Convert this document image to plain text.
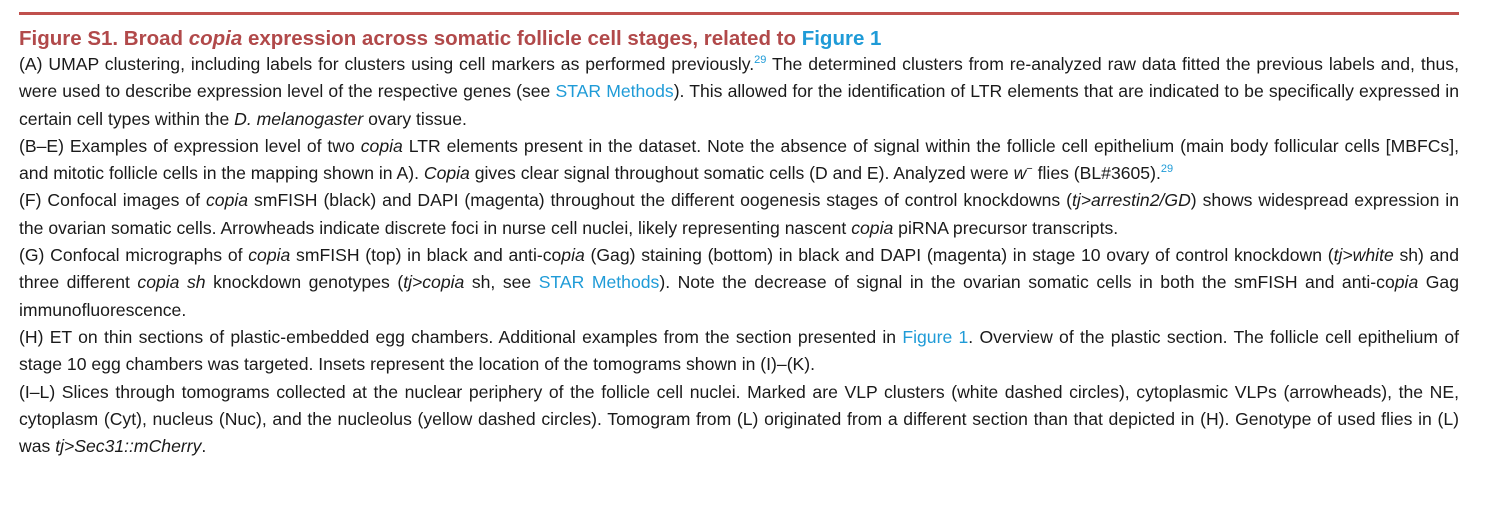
Figure S1. Broad copia expression across somatic follicle cell stages, related to Figure 1

(A) UMAP clustering, including labels for clusters using cell markers as performed previously.$^{29}$ The determined clusters from re-analyzed raw data fitted the previous labels and, thus, were used to describe expression level of the respective genes (see STAR Methods). This allowed for the identification of LTR elements that are indicated to be specifically expressed in certain cell types within the D. melanogaster ovary tissue.

(B–E) Examples of expression level of two copia LTR elements present in the dataset. Note the absence of signal within the follicle cell epithelium (main body follicular cells [MBFCs], and mitotic follicle cells in the mapping shown in A). Copia gives clear signal throughout somatic cells (D and E). Analyzed were w− flies (BL#3605).$^{29}$

(F) Confocal images of copia smFISH (black) and DAPI (magenta) throughout the different oogenesis stages of control knockdowns (tj>arrestin2/GD) shows widespread expression in the ovarian somatic cells. Arrowheads indicate discrete foci in nurse cell nuclei, likely representing nascent copia piRNA precursor transcripts.

(G) Confocal micrographs of copia smFISH (top) in black and anti-copia (Gag) staining (bottom) in black and DAPI (magenta) in stage 10 ovary of control knockdown (tj>white sh) and three different copia sh knockdown genotypes (tj>copia sh, see STAR Methods). Note the decrease of signal in the ovarian somatic cells in both the smFISH and anti-copia Gag immunofluorescence.

(H) ET on thin sections of plastic-embedded egg chambers. Additional examples from the section presented in Figure 1. Overview of the plastic section. The follicle cell epithelium of stage 10 egg chambers was targeted. Insets represent the location of the tomograms shown in (I)–(K).

(I–L) Slices through tomograms collected at the nuclear periphery of the follicle cell nuclei. Marked are VLP clusters (white dashed circles), cytoplasmic VLPs (arrowheads), the NE, cytoplasm (Cyt), nucleus (Nuc), and the nucleolus (yellow dashed circles). Tomogram from (L) originated from a different section than that depicted in (H). Genotype of used flies in (L) was tj>Sec31::mCherry.
